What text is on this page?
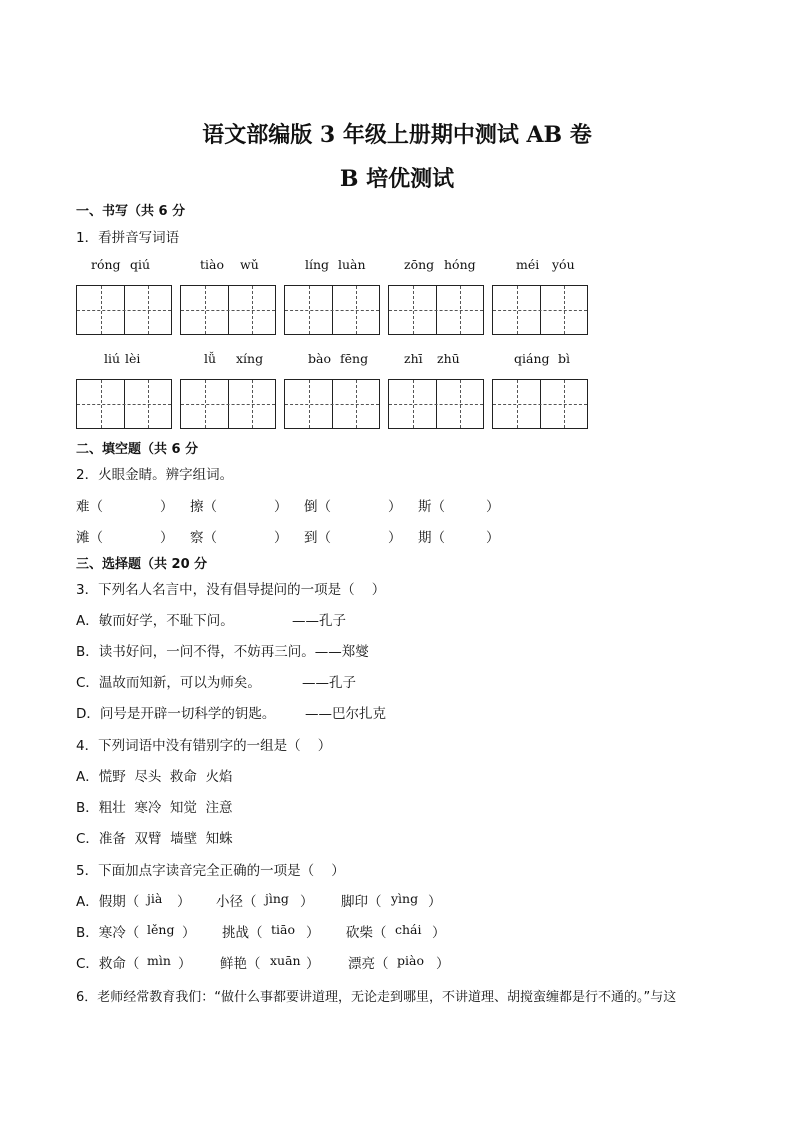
语文部编版 3 年级上册期中测试 AB 卷
B 培优测试
一、书写（共 6 分
1．看拼音写词语
róng qiú	tiào wǔ	líng luàn	zōng hóng	méi yóu
liú lèi	lǚ xíng	bào fēng	zhī zhū	qiáng bì
二、填空题（共 6 分
2．火眼金睛。辨字组词。
难（	） 擦（	） 倒（	） 斯（	）
滩（	） 察（	） 到（	） 期（	）
三、选择题（共 20 分
3．下列名人名言中，没有倡导提问的一项是（    ）
A．敏而好学，不耻下问。	——孔子
B．读书好问，一问不得，不妨再三问。——郑燮
C．温故而知新，可以为师矣。	——孔子
D．问号是开辟一切科学的钥匙。 ——巴尔扎克
4．下列词语中没有错别字的一组是（    ）
A．慌野  尽头  救命  火焰
B．粗壮  寒冷  知觉  注意
C．准备  双臂  墙壁  知蛛
5．下面加点字读音完全正确的一项是（    ）
A．假期（ jià ） 小径（ jìng ） 脚印（ yìng ）
B．寒冷（ lěng ） 挑战（ tiāo ） 砍柴（ chái ）
C．救命（ mìn ） 鲜艳（ xuān ） 漂亮（ piào ）
6．老师经常教育我们：“做什么事都要讲道理，无论走到哪里，不讲道理、胡搅蛮缠都是行不通的。”与这
